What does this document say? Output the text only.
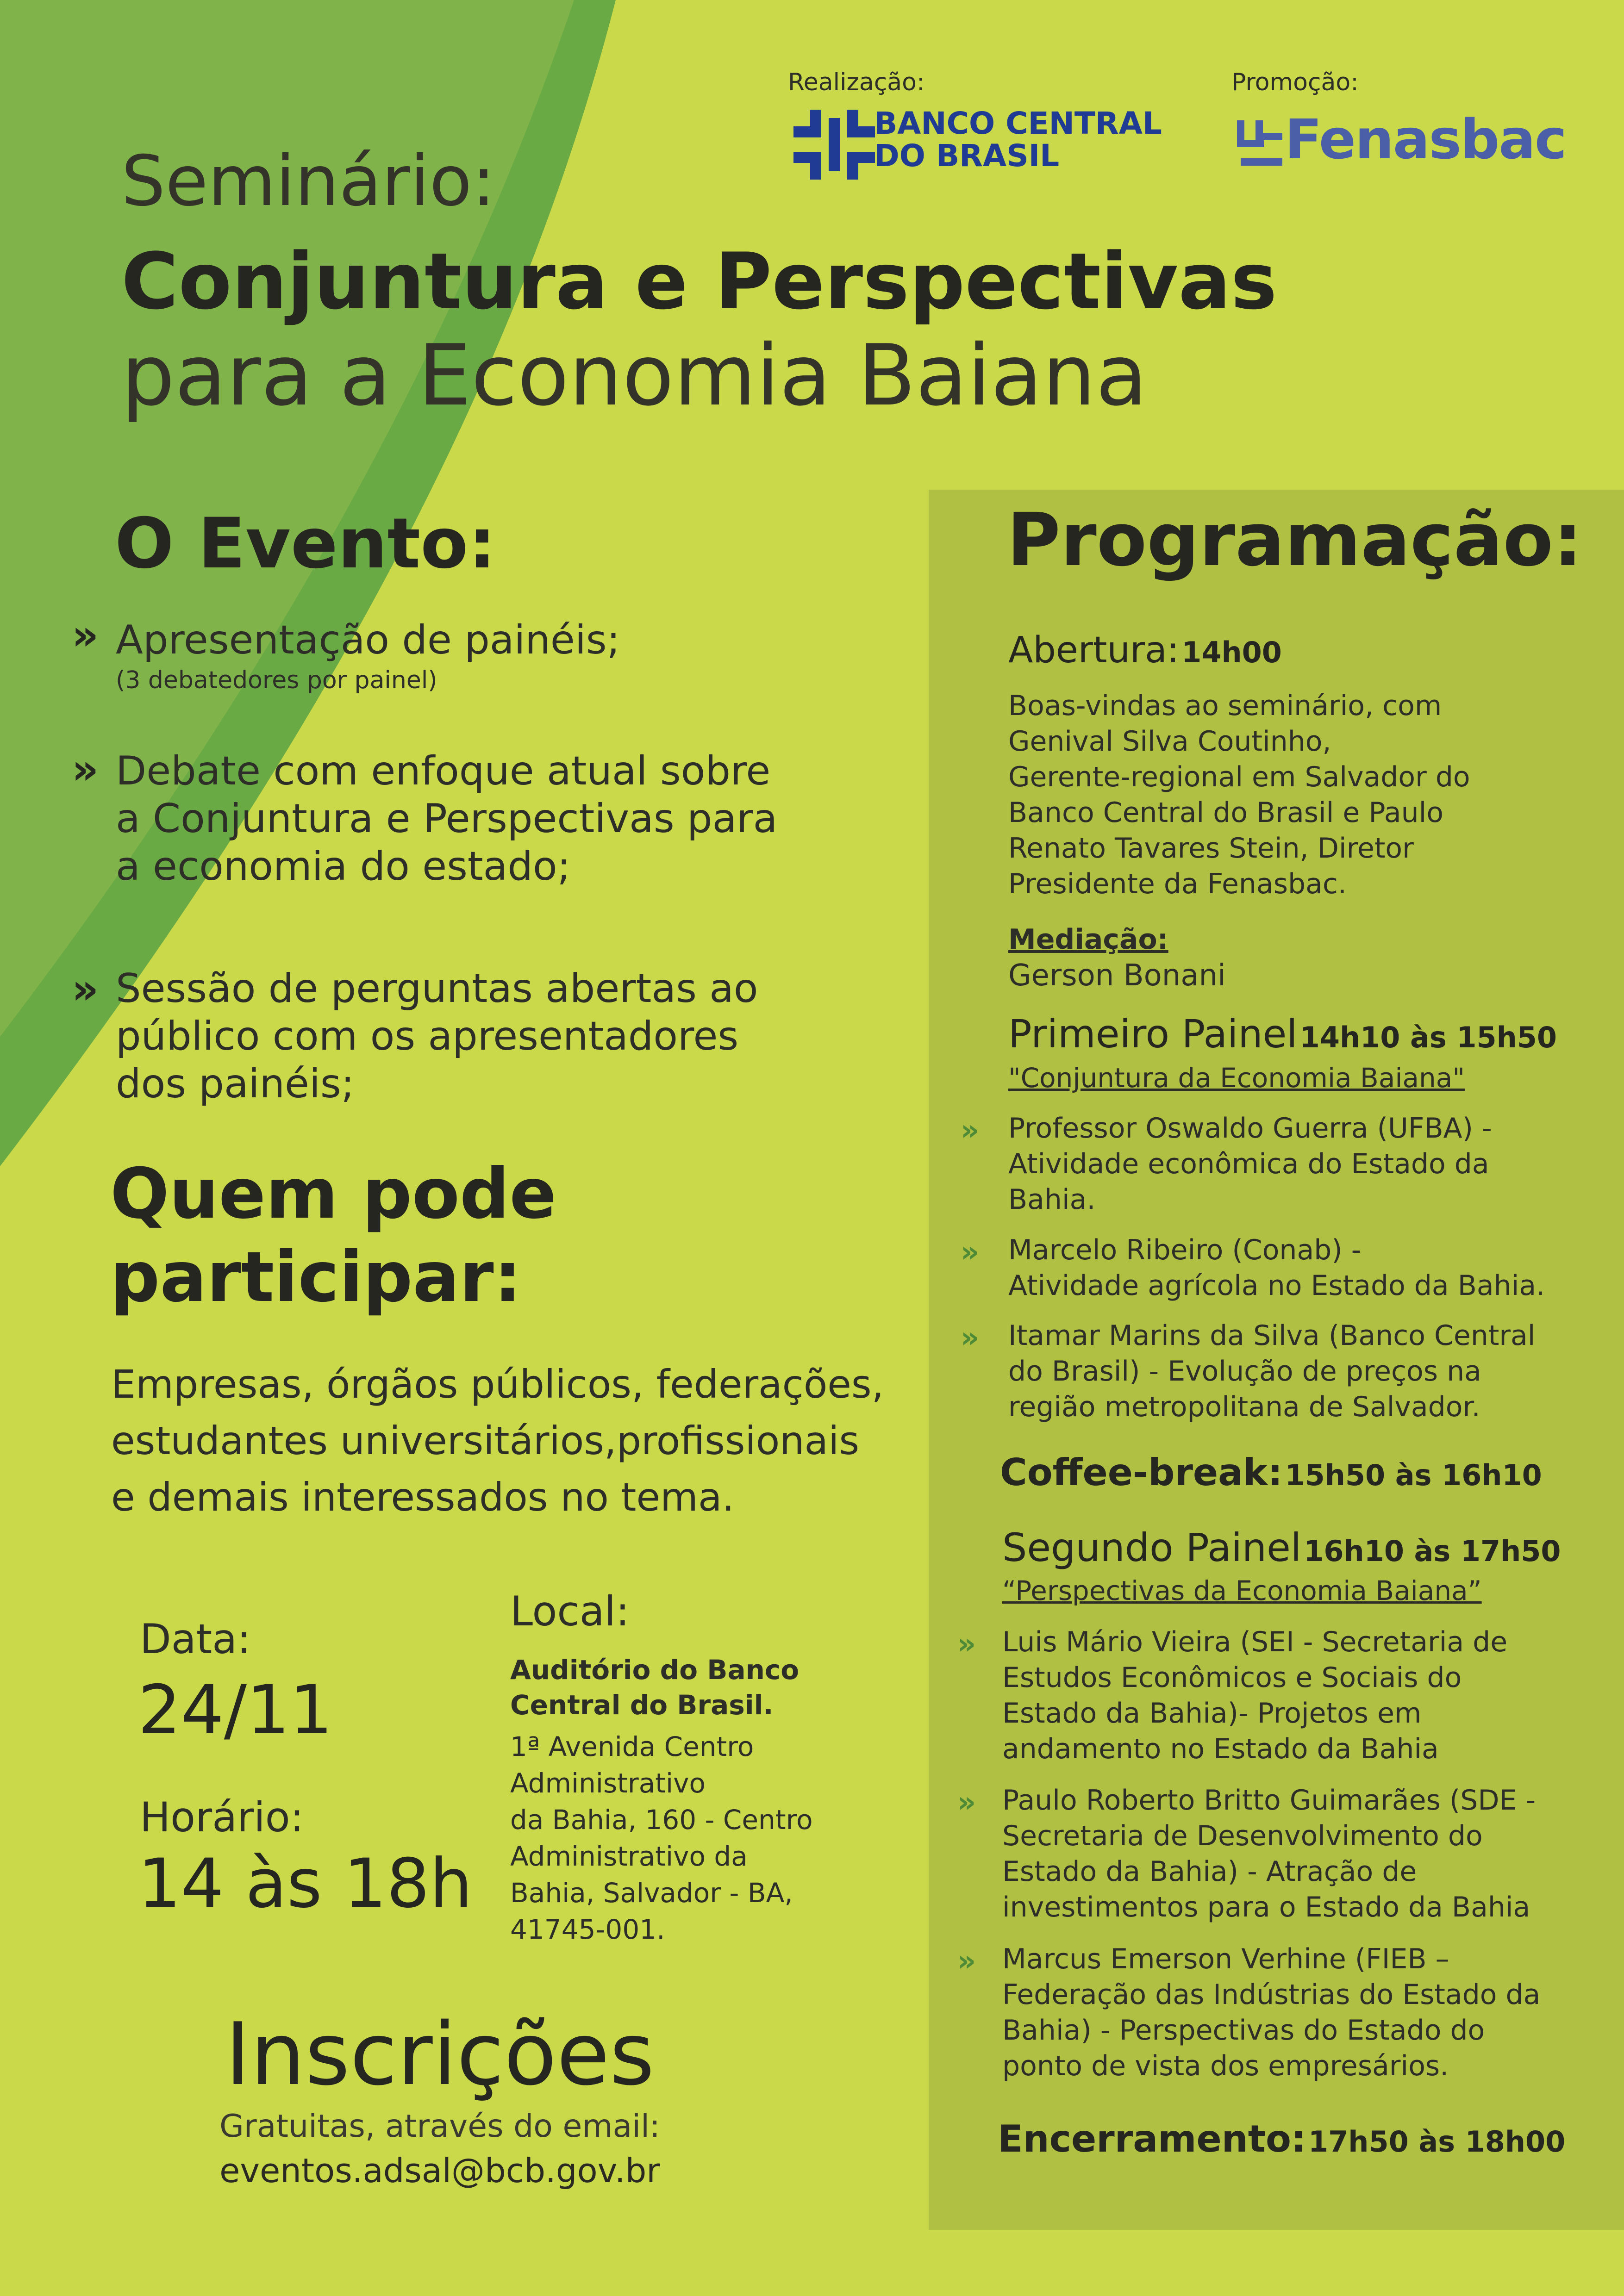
Realização:	Promoção:
BANCO CENTRAL
DO BRASIL	Fenasbac
Seminário:
Conjuntura e Perspectivas
para a Economia Baiana
O Evento:
» Apresentação de painéis;
(3 debatedores por painel)
» Debate com enfoque atual sobre
a Conjuntura e Perspectivas para
a economia do estado;
» Sessão de perguntas abertas ao
público com os apresentadores
dos painéis;
Quem pode
participar:
Empresas, órgãos públicos, federações,
estudantes universitários,profissionais
e demais interessados no tema.
Data:
24/11
Horário:
14 às 18h
Local:
Auditório do Banco
Central do Brasil.
1ª Avenida Centro
Administrativo
da Bahia, 160 - Centro
Administrativo da
Bahia, Salvador - BA,
41745-001.
Inscrições
Gratuitas, através do email:
eventos.adsal@bcb.gov.br
Programação:
Abertura: 14h00
Boas-vindas ao seminário, com
Genival Silva Coutinho,
Gerente-regional em Salvador do
Banco Central do Brasil e Paulo
Renato Tavares Stein, Diretor
Presidente da Fenasbac.
Mediação:
Gerson Bonani
Primeiro Painel 14h10 às 15h50
"Conjuntura da Economia Baiana"
» Professor Oswaldo Guerra (UFBA) -
Atividade econômica do Estado da
Bahia.
» Marcelo Ribeiro (Conab) -
Atividade agrícola no Estado da Bahia.
» Itamar Marins da Silva (Banco Central
do Brasil) - Evolução de preços na
região metropolitana de Salvador.
Coffee-break: 15h50 às 16h10
Segundo Painel 16h10 às 17h50
“Perspectivas da Economia Baiana”
» Luis Mário Vieira (SEI - Secretaria de
Estudos Econômicos e Sociais do
Estado da Bahia)- Projetos em
andamento no Estado da Bahia
» Paulo Roberto Britto Guimarães (SDE -
Secretaria de Desenvolvimento do
Estado da Bahia) - Atração de
investimentos para o Estado da Bahia
» Marcus Emerson Verhine (FIEB –
Federação das Indústrias do Estado da
Bahia) - Perspectivas do Estado do
ponto de vista dos empresários.
Encerramento: 17h50 às 18h00
